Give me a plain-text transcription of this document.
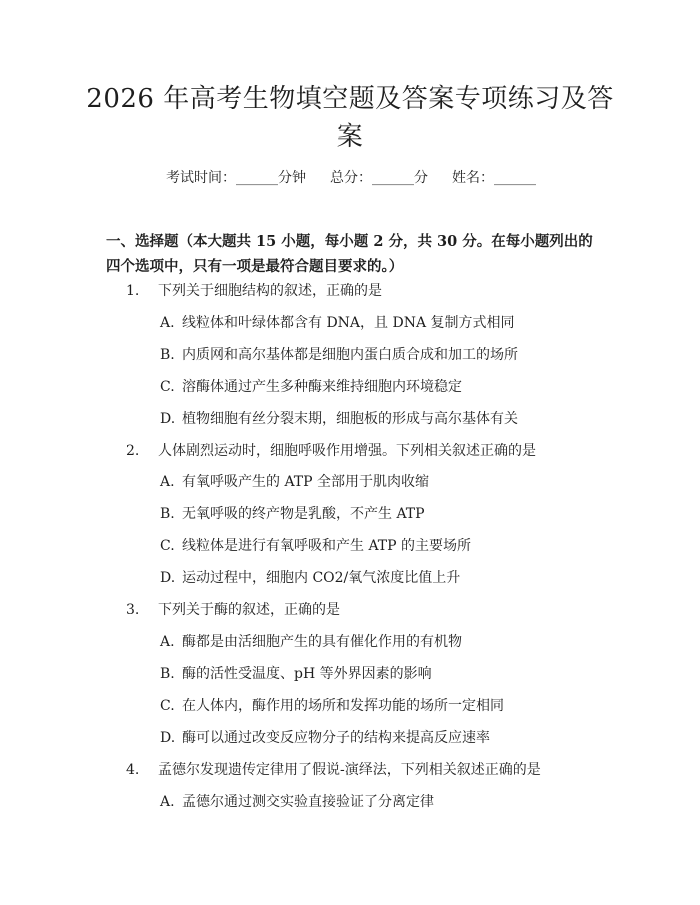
2026 年高考生物填空题及答案专项练习及答
案
考试时间：______分钟 总分：______分 姓名：______
一、选择题（本大题共 15 小题，每小题 2 分，共 30 分。在每小题列出的四个选项中，只有一项是最符合题目要求的。）
1. 下列关于细胞结构的叙述，正确的是
A. 线粒体和叶绿体都含有 DNA，且 DNA 复制方式相同
B. 内质网和高尔基体都是细胞内蛋白质合成和加工的场所
C. 溶酶体通过产生多种酶来维持细胞内环境稳定
D. 植物细胞有丝分裂末期，细胞板的形成与高尔基体有关
2. 人体剧烈运动时，细胞呼吸作用增强。下列相关叙述正确的是
A. 有氧呼吸产生的 ATP 全部用于肌肉收缩
B. 无氧呼吸的终产物是乳酸，不产生 ATP
C. 线粒体是进行有氧呼吸和产生 ATP 的主要场所
D. 运动过程中，细胞内 CO2/氧气浓度比值上升
3. 下列关于酶的叙述，正确的是
A. 酶都是由活细胞产生的具有催化作用的有机物
B. 酶的活性受温度、pH 等外界因素的影响
C. 在人体内，酶作用的场所和发挥功能的场所一定相同
D. 酶可以通过改变反应物分子的结构来提高反应速率
4. 孟德尔发现遗传定律用了假说-演绎法，下列相关叙述正确的是
A. 孟德尔通过测交实验直接验证了分离定律
